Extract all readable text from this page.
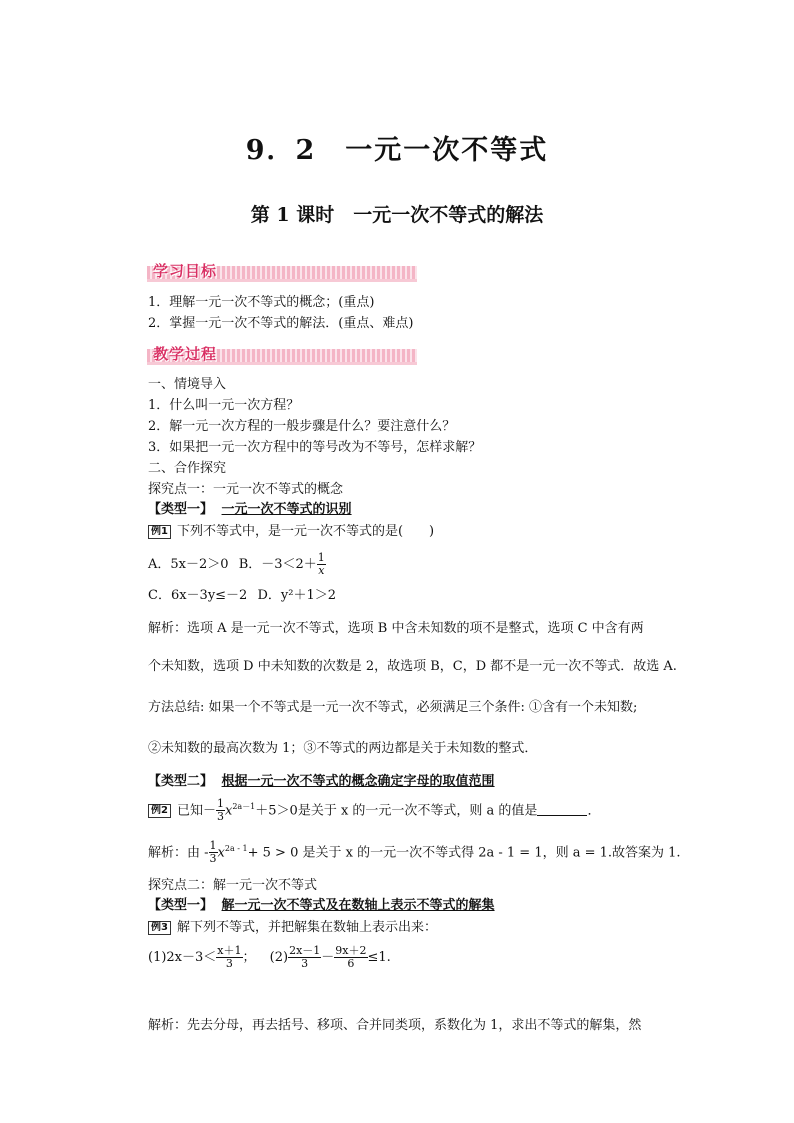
9．2　一元一次不等式
第 1 课时　一元一次不等式的解法
学习目标
1．理解一元一次不等式的概念；(重点)
2．掌握一元一次不等式的解法．(重点、难点)
教学过程
一、情境导入
1．什么叫一元一次方程？
2．解一元一次方程的一般步骤是什么？要注意什么？
3．如果把一元一次方程中的等号改为不等号，怎样求解？
二、合作探究
探究点一：一元一次不等式的概念
【类型一】 一元一次不等式的识别
例1 下列不等式中，是一元一次不等式的是(　　)
A．5x－2＞0 B．$-3<2+ \frac{1}{x}$
C．6x－3y≤－2 D．y²＋1＞2
解析：选项 A 是一元一次不等式，选项 B 中含未知数的项不是整式，选项 C 中含有两
个未知数，选项 D 中未知数的次数是 2，故选项 B，C，D 都不是一元一次不等式．故选 A.
方法总结: 如果一个不等式是一元一次不等式，必须满足三个条件: ①含有一个未知数;
②未知数的最高次数为 1；③不等式的两边都是关于未知数的整式．
【类型二】 根据一元一次不等式的概念确定字母的取值范围
例2 已知－ $\frac{1}{3} x^{2a-1}+5>0$是关于 x 的一元一次不等式，则 a 的值是	．
解析：由 - $\frac{1}{3} x^{2a - 1}+ 5 > 0$ 是关于 x 的一元一次不等式得 2a - 1 = 1，则 a = 1.故答案为 1.
探究点二：解一元一次不等式
【类型一】 解一元一次不等式及在数轴上表示不等式的解集
例3 解下列不等式，并把解集在数轴上表示出来：
$(1)2x-3< \frac{x+1}{3}$ ； $(2) \frac{2x-1}{3} - \frac{9x+2}{6} \le 1$.
解析：先去分母，再去括号、移项、合并同类项，系数化为 1，求出不等式的解集，然
